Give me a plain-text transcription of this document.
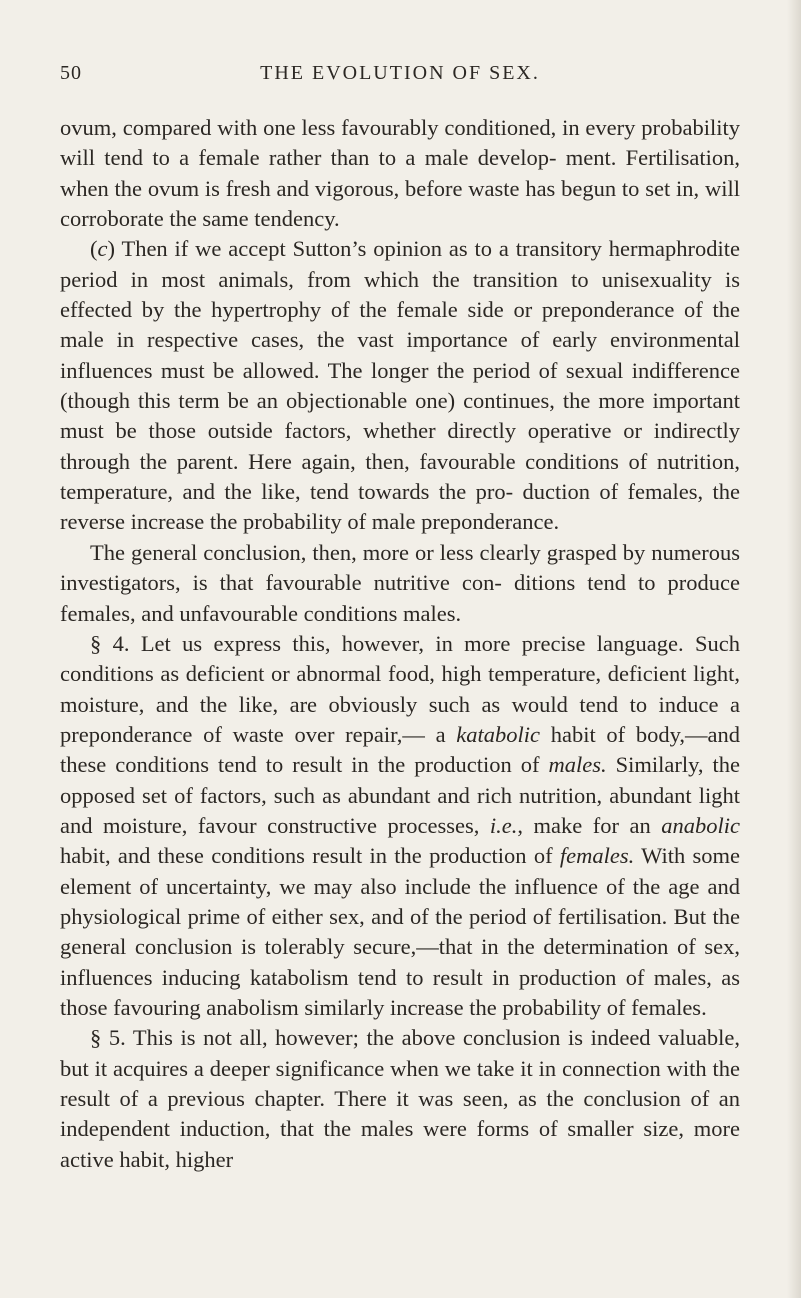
50	THE EVOLUTION OF SEX.

ovum, compared with one less favourably conditioned, in every probability will tend to a female rather than to a male develop- ment. Fertilisation, when the ovum is fresh and vigorous, before waste has begun to set in, will corroborate the same tendency.

(c) Then if we accept Sutton’s opinion as to a transitory hermaphrodite period in most animals, from which the transition to unisexuality is effected by the hypertrophy of the female side or preponderance of the male in respective cases, the vast importance of early environmental influences must be allowed. The longer the period of sexual indifference (though this term be an objectionable one) continues, the more important must be those outside factors, whether directly operative or indirectly through the parent. Here again, then, favourable conditions of nutrition, temperature, and the like, tend towards the pro- duction of females, the reverse increase the probability of male preponderance.

The general conclusion, then, more or less clearly grasped by numerous investigators, is that favourable nutritive con- ditions tend to produce females, and unfavourable conditions males.

§ 4. Let us express this, however, in more precise language. Such conditions as deficient or abnormal food, high temperature, deficient light, moisture, and the like, are obviously such as would tend to induce a preponderance of waste over repair,— a katabolic habit of body,—and these conditions tend to result in the production of males. Similarly, the opposed set of factors, such as abundant and rich nutrition, abundant light and moisture, favour constructive processes, i.e., make for an anabolic habit, and these conditions result in the production of females. With some element of uncertainty, we may also include the influence of the age and physiological prime of either sex, and of the period of fertilisation. But the general conclusion is tolerably secure,—that in the determination of sex, influences inducing katabolism tend to result in production of males, as those favouring anabolism similarly increase the probability of females.

§ 5. This is not all, however; the above conclusion is indeed valuable, but it acquires a deeper significance when we take it in connection with the result of a previous chapter. There it was seen, as the conclusion of an independent induction, that the males were forms of smaller size, more active habit, higher
